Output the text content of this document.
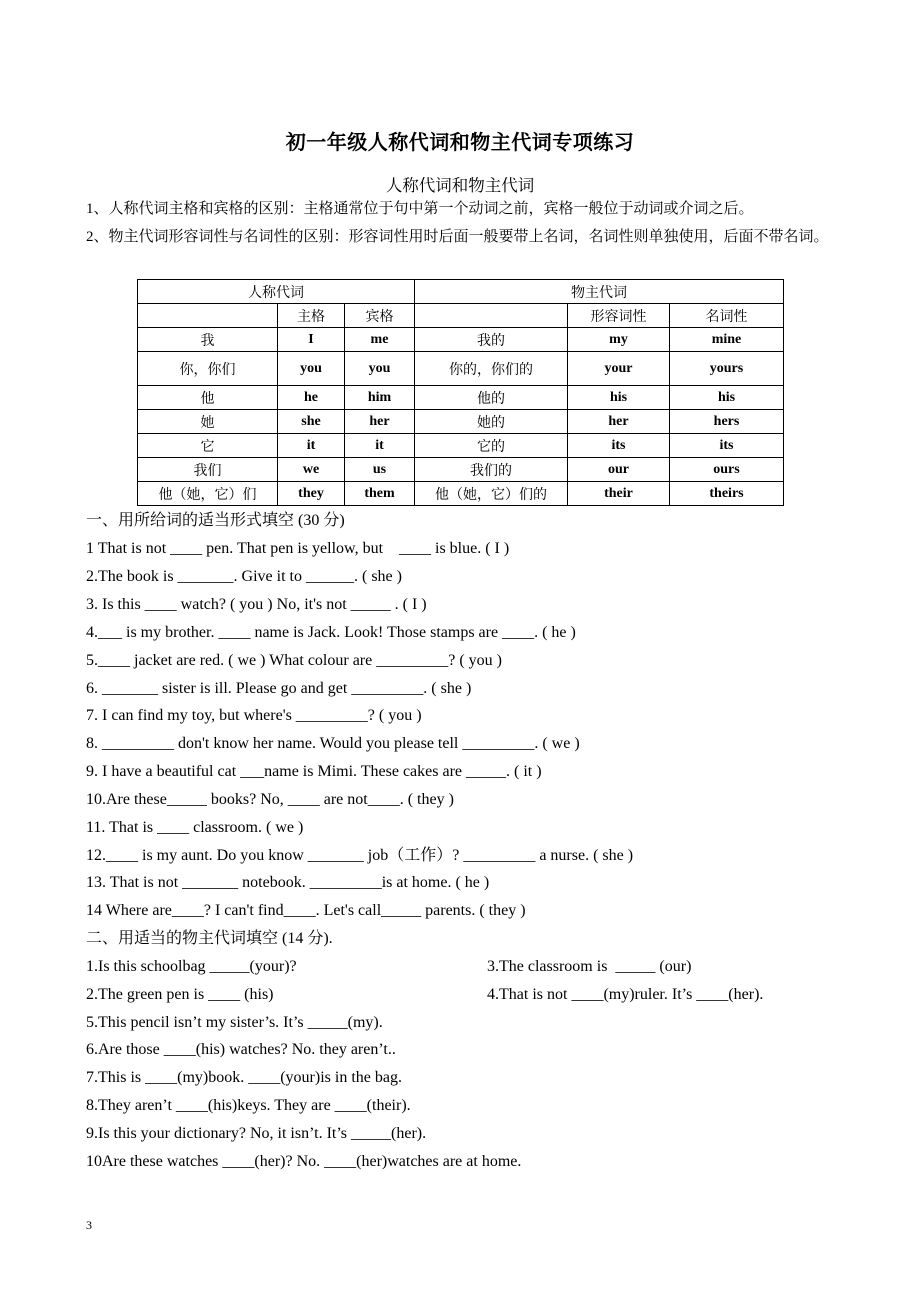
初一年级人称代词和物主代词专项练习
人称代词和物主代词
1、人称代词主格和宾格的区别：主格通常位于句中第一个动词之前，宾格一般位于动词或介词之后。
2、物主代词形容词性与名词性的区别：形容词性用时后面一般要带上名词，名词性则单独使用，后面不带名词。
人称代词			物主代词		
	主格	宾格		形容词性	名词性
我	I	me	我的	my	mine
你，你们	you	you	你的，你们的	your	yours
他	he	him	他的	his	his
她	she	her	她的	her	hers
它	it	it	它的	its	its
我们	we	us	我们的	our	ours
他（她，它）们	they	them	他（她，它）们的	their	theirs
一、用所给词的适当形式填空 (30 分)
1 That is not ____ pen. That pen is yellow, but    ____ is blue. ( I )
2.The book is _______. Give it to ______. ( she )
3. Is this ____ watch? ( you ) No, it's not _____ . ( I )
4.___ is my brother. ____ name is Jack. Look! Those stamps are ____. ( he )
5.____ jacket are red. ( we ) What colour are _________? ( you )
6. _______ sister is ill. Please go and get _________. ( she )
7. I can find my toy, but where's _________? ( you )
8. _________ don't know her name. Would you please tell _________. ( we )
9. I have a beautiful cat ___name is Mimi. These cakes are _____. ( it )
10.Are these_____ books? No, ____ are not____. ( they )
11. That is ____ classroom. ( we )
12.____ is my aunt. Do you know _______ job（工作）? _________ a nurse. ( she )
13. That is not _______ notebook. _________is at home. ( he )
14 Where are____? I can't find____. Let's call_____ parents. ( they )
二、用适当的物主代词填空 (14 分).
1.Is this schoolbag _____(your)?	3.The classroom is  _____ (our)
2.The green pen is ____ (his)	4.That is not ____(my)ruler. It’s ____(her).
5.This pencil isn’t my sister’s. It’s _____(my).
6.Are those ____(his) watches? No. they aren’t..
7.This is ____(my)book. ____(your)is in the bag.
8.They aren’t ____(his)keys. They are ____(their).
9.Is this your dictionary? No, it isn’t. It’s _____(her).
10Are these watches ____(her)? No. ____(her)watches are at home.
3
